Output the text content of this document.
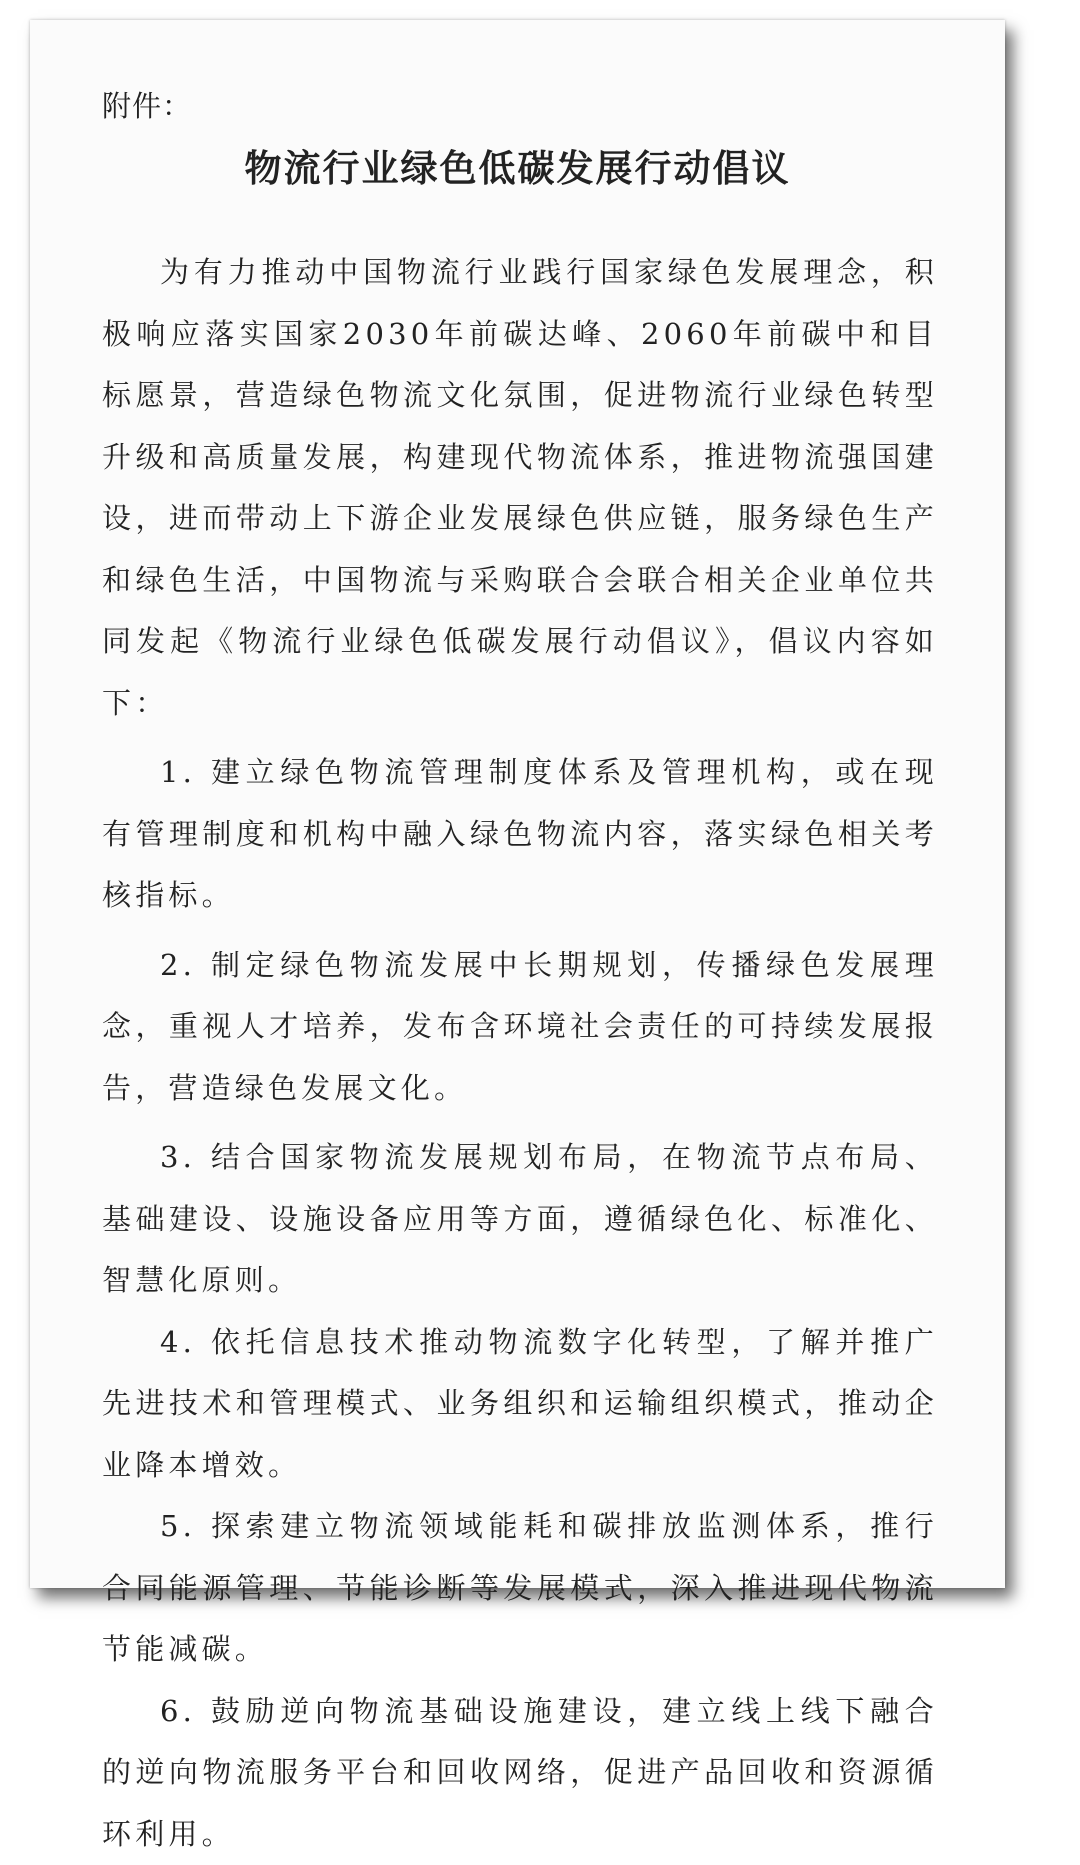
附件：

物流行业绿色低碳发展行动倡议

为有力推动中国物流行业践行国家绿色发展理念，积极响应落实国家2030年前碳达峰、2060年前碳中和目标愿景，营造绿色物流文化氛围，促进物流行业绿色转型升级和高质量发展，构建现代物流体系，推进物流强国建设，进而带动上下游企业发展绿色供应链，服务绿色生产和绿色生活，中国物流与采购联合会联合相关企业单位共同发起《物流行业绿色低碳发展行动倡议》，倡议内容如下：

1. 建立绿色物流管理制度体系及管理机构，或在现有管理制度和机构中融入绿色物流内容，落实绿色相关考核指标。

2. 制定绿色物流发展中长期规划，传播绿色发展理念，重视人才培养，发布含环境社会责任的可持续发展报告，营造绿色发展文化。

3. 结合国家物流发展规划布局，在物流节点布局、基础建设、设施设备应用等方面，遵循绿色化、标准化、智慧化原则。

4. 依托信息技术推动物流数字化转型，了解并推广先进技术和管理模式、业务组织和运输组织模式，推动企业降本增效。

5. 探索建立物流领域能耗和碳排放监测体系，推行合同能源管理、节能诊断等发展模式，深入推进现代物流节能减碳。

6. 鼓励逆向物流基础设施建设，建立线上线下融合的逆向物流服务平台和回收网络，促进产品回收和资源循环利用。
